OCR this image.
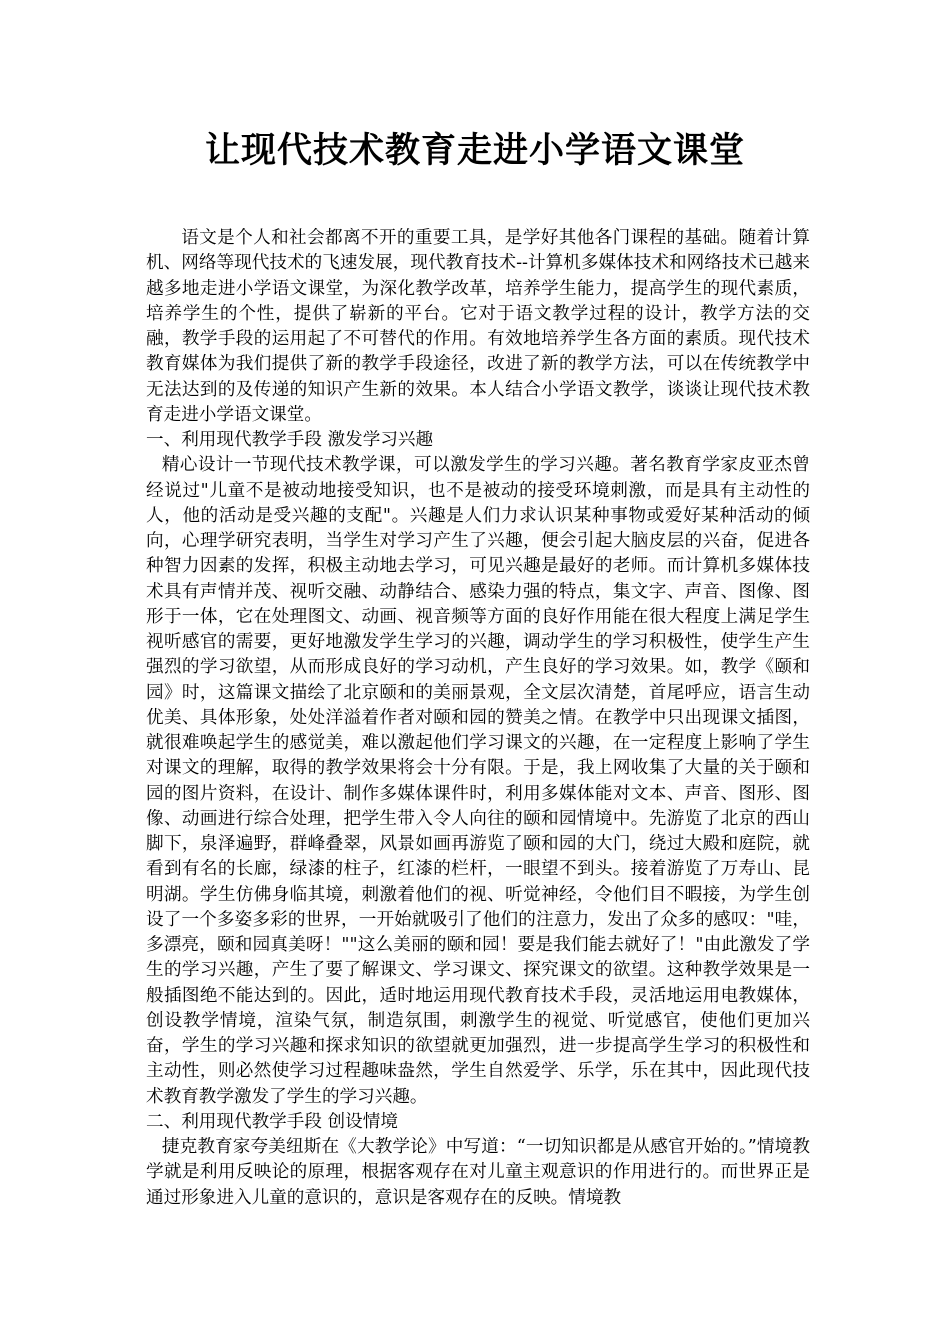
让现代技术教育走进小学语文课堂

语文是个人和社会都离不开的重要工具，是学好其他各门课程的基础。随着计算机、网络等现代技术的飞速发展，现代教育技术--计算机多媒体技术和网络技术已越来越多地走进小学语文课堂，为深化教学改革，培养学生能力，提高学生的现代素质，培养学生的个性，提供了崭新的平台。它对于语文教学过程的设计，教学方法的交融，教学手段的运用起了不可替代的作用。有效地培养学生各方面的素质。现代技术教育媒体为我们提供了新的教学手段途径，改进了新的教学方法，可以在传统教学中无法达到的及传递的知识产生新的效果。本人结合小学语文教学，谈谈让现代技术教育走进小学语文课堂。

一、利用现代教学手段 激发学习兴趣

精心设计一节现代技术教学课，可以激发学生的学习兴趣。著名教育学家皮亚杰曾经说过"儿童不是被动地接受知识，也不是被动的接受环境刺激，而是具有主动性的人，他的活动是受兴趣的支配"。兴趣是人们力求认识某种事物或爱好某种活动的倾向，心理学研究表明，当学生对学习产生了兴趣，便会引起大脑皮层的兴奋，促进各种智力因素的发挥，积极主动地去学习，可见兴趣是最好的老师。而计算机多媒体技术具有声情并茂、视听交融、动静结合、感染力强的特点，集文字、声音、图像、图形于一体，它在处理图文、动画、视音频等方面的良好作用能在很大程度上满足学生视听感官的需要，更好地激发学生学习的兴趣，调动学生的学习积极性，使学生产生强烈的学习欲望，从而形成良好的学习动机，产生良好的学习效果。如，教学《颐和园》时，这篇课文描绘了北京颐和的美丽景观，全文层次清楚，首尾呼应，语言生动优美、具体形象，处处洋溢着作者对颐和园的赞美之情。在教学中只出现课文插图，就很难唤起学生的感觉美，难以激起他们学习课文的兴趣，在一定程度上影响了学生对课文的理解，取得的教学效果将会十分有限。于是，我上网收集了大量的关于颐和园的图片资料，在设计、制作多媒体课件时，利用多媒体能对文本、声音、图形、图像、动画进行综合处理，把学生带入令人向往的颐和园情境中。先游览了北京的西山脚下，泉泽遍野，群峰叠翠，风景如画再游览了颐和园的大门，绕过大殿和庭院，就看到有名的长廊，绿漆的柱子，红漆的栏杆，一眼望不到头。接着游览了万寿山、昆明湖。学生仿佛身临其境，刺激着他们的视、听觉神经，令他们目不暇接，为学生创设了一个多姿多彩的世界，一开始就吸引了他们的注意力，发出了众多的感叹："哇，多漂亮，颐和园真美呀！""这么美丽的颐和园！要是我们能去就好了！"由此激发了学生的学习兴趣，产生了要了解课文、学习课文、探究课文的欲望。这种教学效果是一般插图绝不能达到的。因此，适时地运用现代教育技术手段，灵活地运用电教媒体，创设教学情境，渲染气氛，制造氛围，刺激学生的视觉、听觉感官，使他们更加兴奋，学生的学习兴趣和探求知识的欲望就更加强烈，进一步提高学生学习的积极性和主动性，则必然使学习过程趣味盎然，学生自然爱学、乐学，乐在其中，因此现代技术教育教学激发了学生的学习兴趣。

二、利用现代教学手段 创设情境

捷克教育家夸美纽斯在《大教学论》中写道：“一切知识都是从感官开始的。”情境教学就是利用反映论的原理，根据客观存在对儿童主观意识的作用进行的。而世界正是通过形象进入儿童的意识的，意识是客观存在的反映。情境教
